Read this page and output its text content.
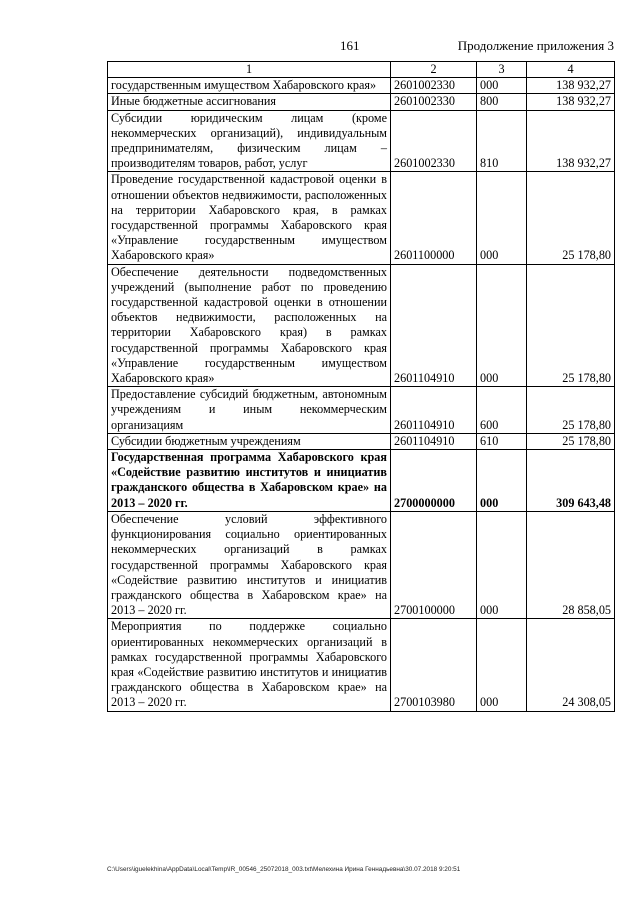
161	Продолжение приложения 3
1	2	3	4
государственным имуществом Хабаровского края»	2601002330	000	138 932,27
Иные бюджетные ассигнования	2601002330	800	138 932,27
Субсидии юридическим лицам (кроме некоммерческих организаций), индивидуальным предпринимателям, физическим лицам – производителям товаров, работ, услуг	2601002330	810	138 932,27
Проведение государственной кадастровой оценки в отношении объектов недвижимости, расположенных на территории Хабаровского края, в рамках государственной программы Хабаровского края «Управление государственным имуществом Хабаровского края»	2601100000	000	25 178,80
Обеспечение деятельности подведомственных учреждений (выполнение работ по проведению государственной кадастровой оценки в отношении объектов недвижимости, расположенных на территории Хабаровского края) в рамках государственной программы Хабаровского края «Управление государственным имуществом Хабаровского края»	2601104910	000	25 178,80
Предоставление субсидий бюджетным, автономным учреждениям и иным некоммерческим организациям	2601104910	600	25 178,80
Субсидии бюджетным учреждениям	2601104910	610	25 178,80
Государственная программа Хабаровского края «Содействие развитию институтов и инициатив гражданского общества в Хабаровском крае» на 2013 – 2020 гг.	2700000000	000	309 643,48
Обеспечение условий эффективного функционирования социально ориентированных некоммерческих организаций в рамках государственной программы Хабаровского края «Содействие развитию институтов и инициатив гражданского общества в Хабаровском крае» на 2013 – 2020 гг.	2700100000	000	28 858,05
Мероприятия по поддержке социально ориентированных некоммерческих организаций в рамках государственной программы Хабаровского края «Содействие развитию институтов и инициатив гражданского общества в Хабаровском крае» на 2013 – 2020 гг.	2700103980	000	24 308,05
C:\Users\iguelekhina\AppData\Local\Temp\IR_00546_25072018_003.txt\Мелехина Ирина Геннадьевна\30.07.2018 9:20:51
